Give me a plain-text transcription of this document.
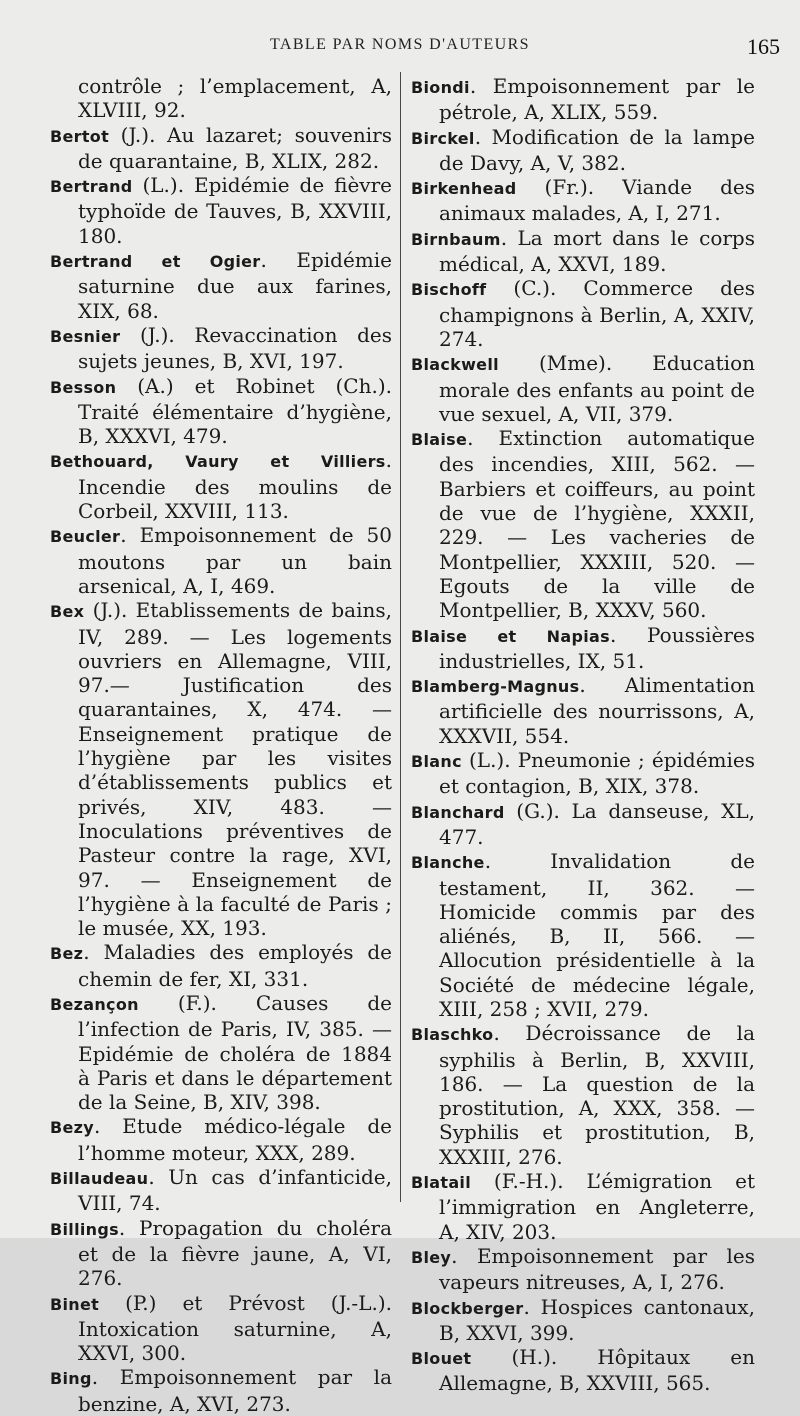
TABLE PAR NOMS D'AUTEURS	165

contrôle ; l’emplacement, A, XLVIII, 92.

Bertot (J.). Au lazaret; souvenirs de quarantaine, B, XLIX, 282.

Bertrand (L.). Epidémie de fièvre typhoïde de Tauves, B, XXVIII, 180.

Bertrand et Ogier. Epidémie saturnine due aux farines, XIX, 68.

Besnier (J.). Revaccination des sujets jeunes, B, XVI, 197.

Besson (A.) et Robinet (Ch.). Traité élémentaire d’hygiène, B, XXXVI, 479.

Bethouard, Vaury et Villiers. Incendie des moulins de Corbeil, XXVIII, 113.

Beucler. Empoisonnement de 50 moutons par un bain arsenical, A, I, 469.

Bex (J.). Etablissements de bains, IV, 289. — Les logements ouvriers en Allemagne, VIII, 97.— Justification des quarantaines, X, 474. — Enseignement pratique de l’hygiène par les visites d’établissements publics et privés, XIV, 483. — Inoculations préventives de Pasteur contre la rage, XVI, 97. — Enseignement de l’hygiène à la faculté de Paris ; le musée, XX, 193.

Bez. Maladies des employés de chemin de fer, XI, 331.

Bezançon (F.). Causes de l’infection de Paris, IV, 385. — Epidémie de choléra de 1884 à Paris et dans le département de la Seine, B, XIV, 398.

Bezy. Etude médico-légale de l’homme moteur, XXX, 289.

Billaudeau. Un cas d’infanticide, VIII, 74.

Billings. Propagation du choléra et de la fièvre jaune, A, VI, 276.

Binet (P.) et Prévost (J.-L.). Intoxication saturnine, A, XXVI, 300.

Bing. Empoisonnement par la benzine, A, XVI, 273.

Biondi. Empoisonnement par le pétrole, A, XLIX, 559.

Birckel. Modification de la lampe de Davy, A, V, 382.

Birkenhead (Fr.). Viande des animaux malades, A, I, 271.

Birnbaum. La mort dans le corps médical, A, XXVI, 189.

Bischoff (C.). Commerce des champignons à Berlin, A, XXIV, 274.

Blackwell (Mme). Education morale des enfants au point de vue sexuel, A, VII, 379.

Blaise. Extinction automatique des incendies, XIII, 562. — Barbiers et coiffeurs, au point de vue de l’hygiène, XXXII, 229. — Les vacheries de Montpellier, XXXIII, 520. — Egouts de la ville de Montpellier, B, XXXV, 560.

Blaise et Napias. Poussières industrielles, IX, 51.

Blamberg-Magnus. Alimentation artificielle des nourrissons, A, XXXVII, 554.

Blanc (L.). Pneumonie ; épidémies et contagion, B, XIX, 378.

Blanchard (G.). La danseuse, XL, 477.

Blanche. Invalidation de testament, II, 362. — Homicide commis par des aliénés, B, II, 566. — Allocution présidentielle à la Société de médecine légale, XIII, 258 ; XVII, 279.

Blaschko. Décroissance de la syphilis à Berlin, B, XXVIII, 186. — La question de la prostitution, A, XXX, 358. — Syphilis et prostitution, B, XXXIII, 276.

Blatail (F.-H.). L’émigration et l’immigration en Angleterre, A, XIV, 203.

Bley. Empoisonnement par les vapeurs nitreuses, A, I, 276.

Blockberger. Hospices cantonaux, B, XXVI, 399.

Blouet (H.). Hôpitaux en Allemagne, B, XXVIII, 565.
